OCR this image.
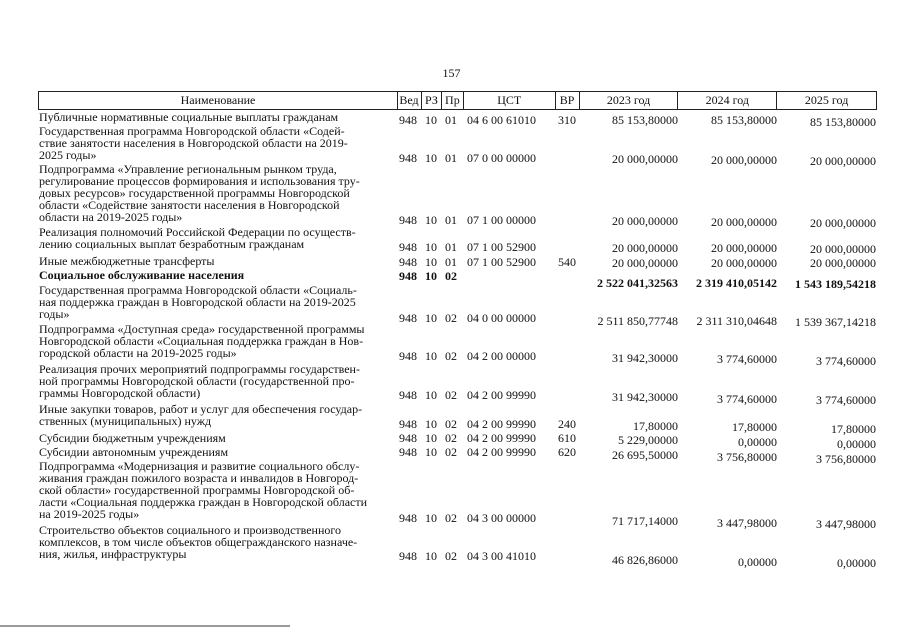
157
Наименование	Вед РЗ Пр	ЦСТ	ВР	2023 год	2024 год	2025 год
Публичные нормативные социальные выплаты гражданам	948 10 01 04 6 00 61010 310	85 153,80000	85 153,80000	85 153,80000
Государственная программа Новгородской области «Содей-
ствие занятости населения в Новгородской области на 2019-
2025 годы»	948 10 01 07 0 00 00000	20 000,00000	20 000,00000	20 000,00000
Подпрограмма «Управление региональным рынком труда,
регулирование процессов формирования и использования тру-
довых ресурсов» государственной программы Новгородской
области «Содействие занятости населения в Новгородской
области на 2019-2025 годы»	948 10 01 07 1 00 00000	20 000,00000	20 000,00000	20 000,00000
Реализация полномочий Российской Федерации по осуществ-
лению социальных выплат безработным гражданам	948 10 01 07 1 00 52900	20 000,00000	20 000,00000	20 000,00000
Иные межбюджетные трансферты	948 10 01 07 1 00 52900 540	20 000,00000	20 000,00000	20 000,00000
Социальное обслуживание населения	948 10 02	2 522 041,32563	2 319 410,05142	1 543 189,54218
Государственная программа Новгородской области «Социаль-
ная поддержка граждан в Новгородской области на 2019-2025
годы»	948 10 02 04 0 00 00000	2 511 850,77748	2 311 310,04648	1 539 367,14218
Подпрограмма «Доступная среда» государственной программы
Новгородской области «Социальная поддержка граждан в Нов-
городской области на 2019-2025 годы»	948 10 02 04 2 00 00000	31 942,30000	3 774,60000	3 774,60000
Реализация прочих мероприятий подпрограммы государствен-
ной программы Новгородской области (государственной про-
граммы Новгородской области)	948 10 02 04 2 00 99990	31 942,30000	3 774,60000	3 774,60000
Иные закупки товаров, работ и услуг для обеспечения государ-
ственных (муниципальных) нужд	948 10 02 04 2 00 99990 240	17,80000	17,80000	17,80000
Субсидии бюджетным учреждениям	948 10 02 04 2 00 99990 610	5 229,00000	0,00000	0,00000
Субсидии автономным учреждениям	948 10 02 04 2 00 99990 620	26 695,50000	3 756,80000	3 756,80000
Подпрограмма «Модернизация и развитие социального обслу-
живания граждан пожилого возраста и инвалидов в Новгород-
ской области» государственной программы Новгородской об-
ласти «Социальная поддержка граждан в Новгородской области
на 2019-2025 годы»	948 10 02 04 3 00 00000	71 717,14000	3 447,98000	3 447,98000
Строительство объектов социального и производственного
комплексов, в том числе объектов общегражданского назначе-
ния, жилья, инфраструктуры	948 10 02 04 3 00 41010	46 826,86000	0,00000	0,00000
